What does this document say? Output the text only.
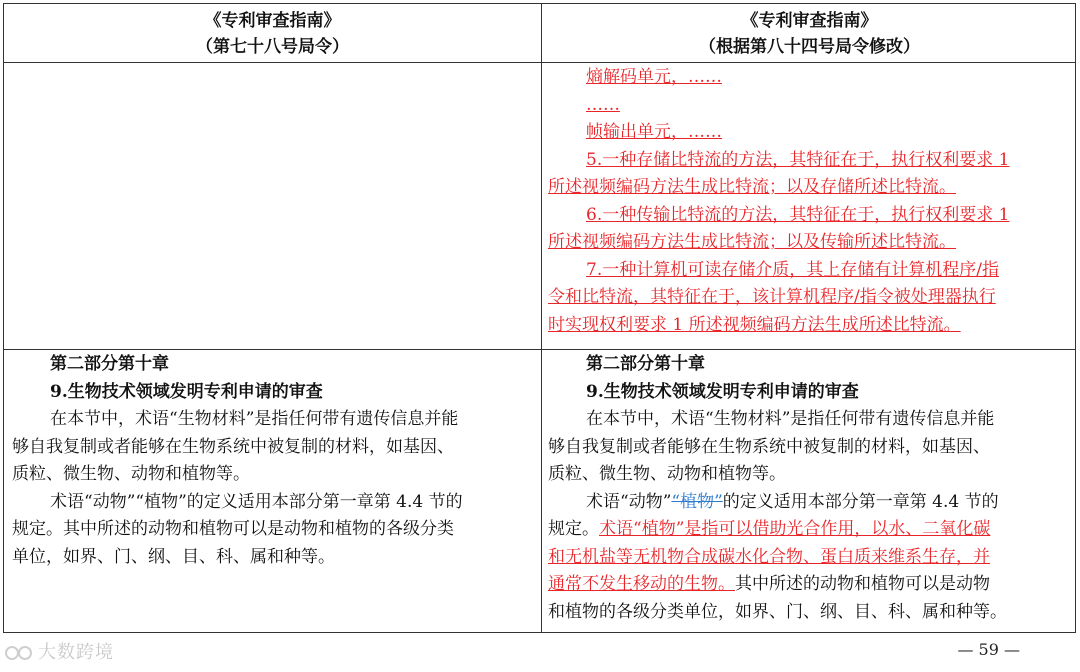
《专利审查指南》
（第七十八号局令）
《专利审查指南》
（根据第八十四号局令修改）
熵解码单元，……
……
帧输出单元，……
5.一种存储比特流的方法，其特征在于，执行权利要求 1
所述视频编码方法生成比特流；以及存储所述比特流。
6.一种传输比特流的方法，其特征在于，执行权利要求 1
所述视频编码方法生成比特流；以及传输所述比特流。
7.一种计算机可读存储介质，其上存储有计算机程序/指
令和比特流，其特征在于，该计算机程序/指令被处理器执行
时实现权利要求 1 所述视频编码方法生成所述比特流。
第二部分第十章
9.生物技术领域发明专利申请的审查
在本节中，术语“生物材料”是指任何带有遗传信息并能
够自我复制或者能够在生物系统中被复制的材料，如基因、
质粒、微生物、动物和植物等。
术语“动物”“植物”的定义适用本部分第一章第 4.4 节的
规定。其中所述的动物和植物可以是动物和植物的各级分类
单位，如界、门、纲、目、科、属和种等。
第二部分第十章
9.生物技术领域发明专利申请的审查
在本节中，术语“生物材料”是指任何带有遗传信息并能
够自我复制或者能够在生物系统中被复制的材料，如基因、
质粒、微生物、动物和植物等。
术语“动物”“植物”的定义适用本部分第一章第 4.4 节的
规定。术语“植物”是指可以借助光合作用，以水、二氧化碳
和无机盐等无机物合成碳水化合物、蛋白质来维系生存，并
通常不发生移动的生物。其中所述的动物和植物可以是动物
和植物的各级分类单位，如界、门、纲、目、科、属和种等。
大数跨境	— 59 —
